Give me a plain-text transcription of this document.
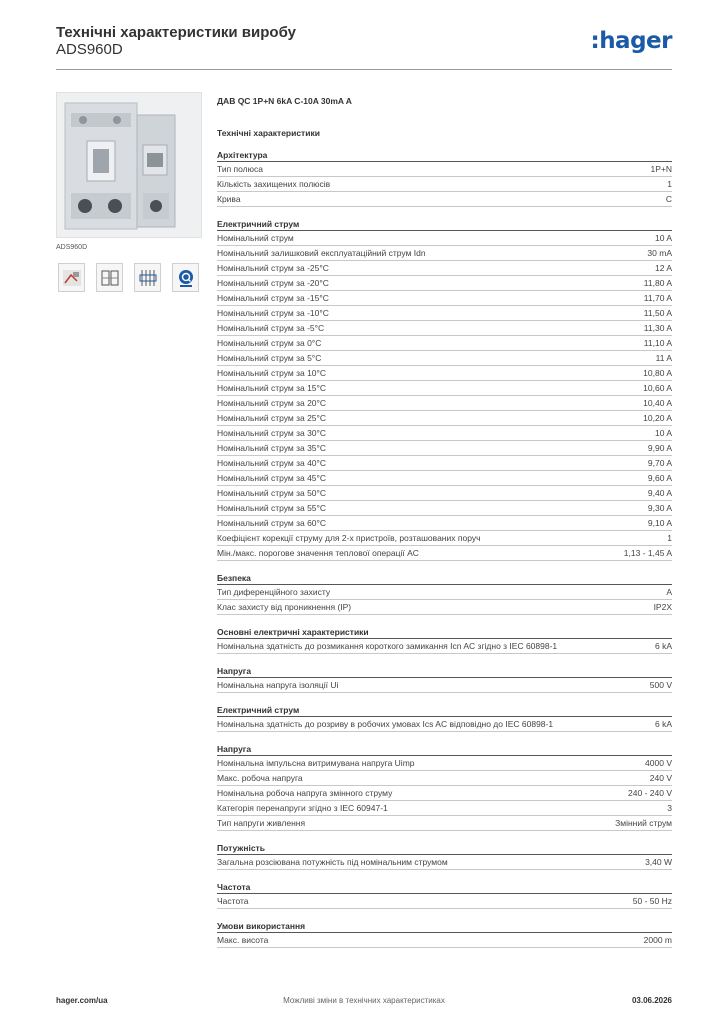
Технічні характеристики виробу
ADS960D	:hager
ADS960D
ДАВ QC 1P+N 6kA C-10A 30mA A
Технічні характеристики
Архітектура
Тип полюса	1P+N
Кількість захищених полюсів	1
Крива	C
Електричний струм
Номінальний струм	10 A
Номінальний залишковий експлуатаційний струм Idn	30 mA
Номінальний струм за -25°C	12 A
Номінальний струм за -20°C	11,80 A
Номінальний струм за -15°C	11,70 A
Номінальний струм за -10°C	11,50 A
Номінальний струм за -5°C	11,30 A
Номінальний струм за 0°C	11,10 A
Номінальний струм за 5°C	11 A
Номінальний струм за 10°C	10,80 A
Номінальний струм за 15°C	10,60 A
Номінальний струм за 20°C	10,40 A
Номінальний струм за 25°C	10,20 A
Номінальний струм за 30°C	10 A
Номінальний струм за 35°C	9,90 A
Номінальний струм за 40°C	9,70 A
Номінальний струм за 45°C	9,60 A
Номінальний струм за 50°C	9,40 A
Номінальний струм за 55°C	9,30 A
Номінальний струм за 60°C	9,10 A
Коефіцієнт корекції струму для 2-х пристроїв, розташованих поруч	1
Мін./макс. порогове значення теплової операції AC	1,13 - 1,45 A
Безпека
Тип диференційного захисту	A
Клас захисту від проникнення (IP)	IP2X
Основні електричні характеристики
Номінальна здатність до розмикання короткого замикання Icn AC згідно з IEC 60898-1	6 kA
Напруга
Номінальна напруга ізоляції Ui	500 V
Електричний струм
Номінальна здатність до розриву в робочих умовах Ics AC відповідно до IEC 60898-1	6 kA
Напруга
Номінальна імпульсна витримувана напруга Uimp	4000 V
Макс. робоча напруга	240 V
Номінальна робоча напруга змінного струму	240 - 240 V
Категорія перенапруги згідно з IEC 60947-1	3
Тип напруги живлення	Змінний струм
Потужність
Загальна розсіювана потужність під номінальним струмом	3,40 W
Частота
Частота	50 - 50 Hz
Умови використання
Макс. висота	2000 m
hager.com/ua	Можливі зміни в технічних характеристиках	03.06.2026
